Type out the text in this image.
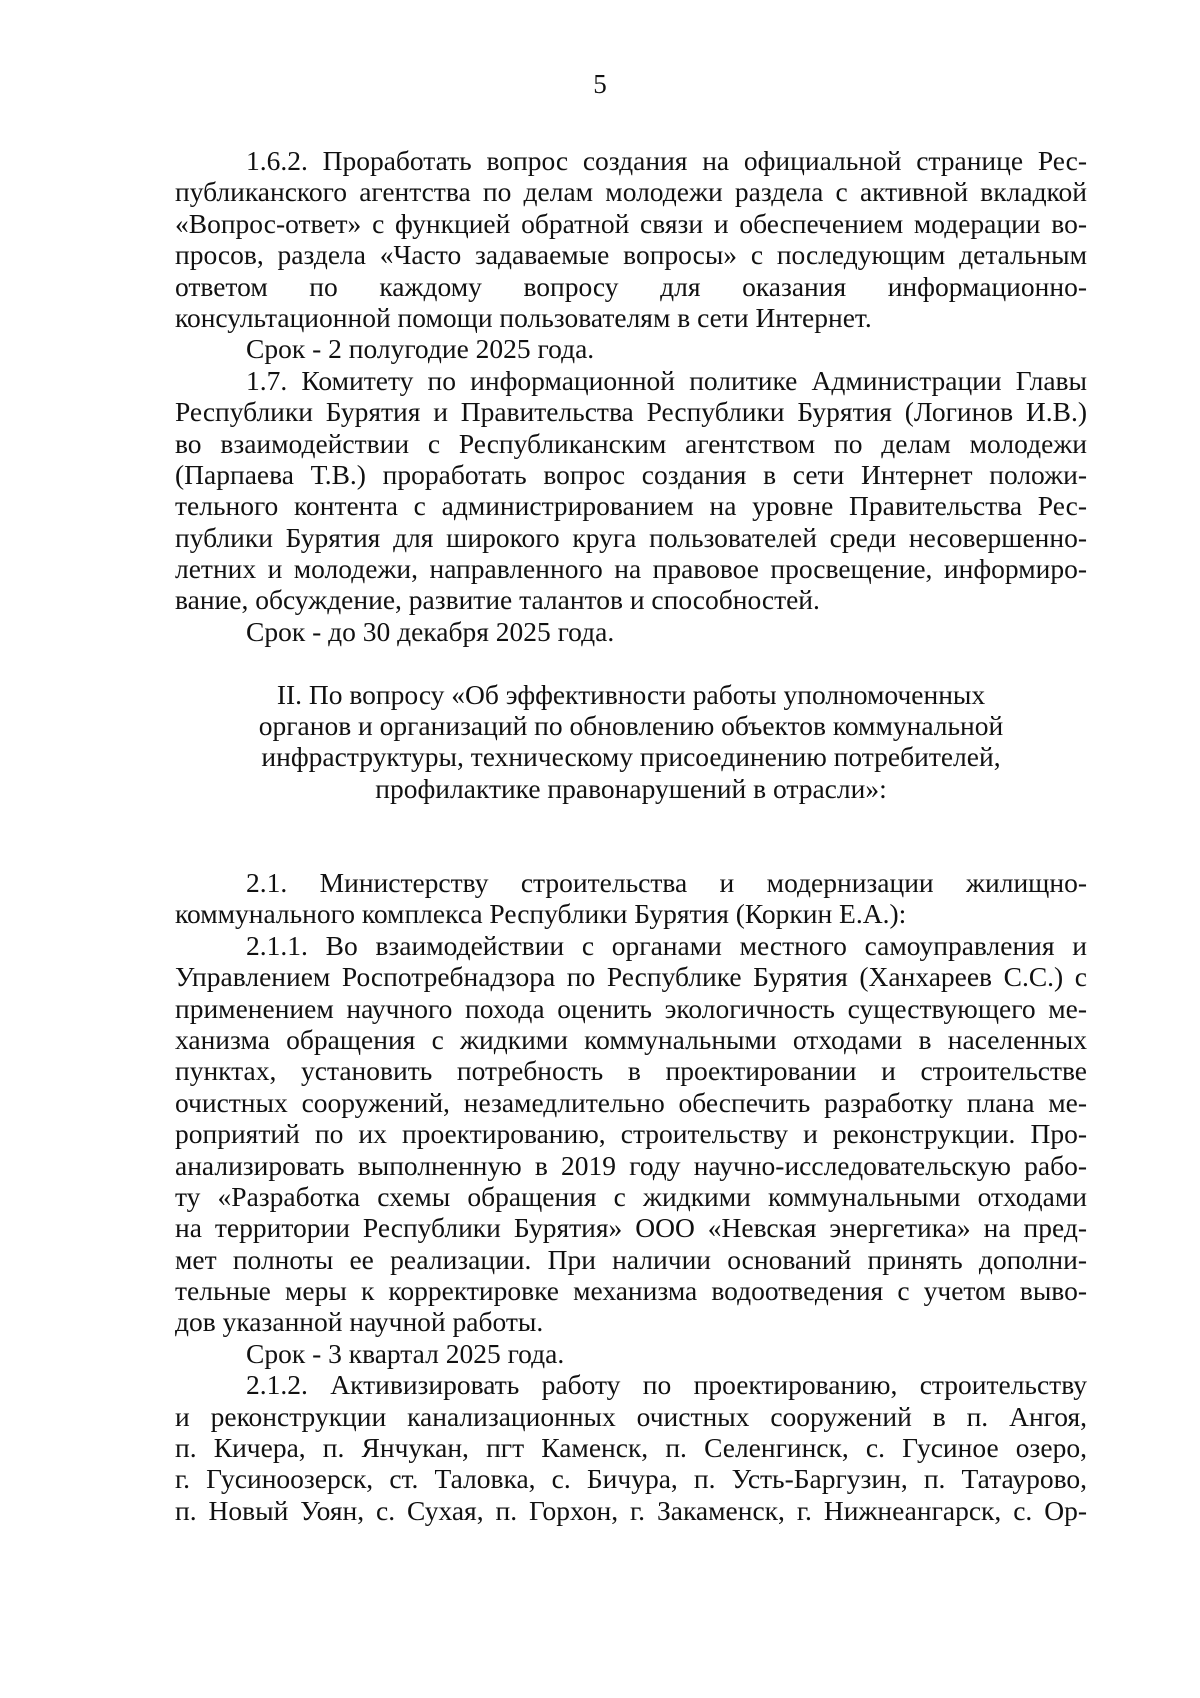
5
1.6.2. Проработать вопрос создания на официальной странице Рес-
публиканского агентства по делам молодежи раздела с активной вкладкой
«Вопрос-ответ» с функцией обратной связи и обеспечением модерации во-
просов, раздела «Часто задаваемые вопросы» с последующим детальным
ответом по каждому вопросу для оказания информационно-
консультационной помощи пользователям в сети Интернет.
Срок - 2 полугодие 2025 года.
1.7. Комитету по информационной политике Администрации Главы
Республики Бурятия и Правительства Республики Бурятия (Логинов И.В.)
во взаимодействии с Республиканским агентством по делам молодежи
(Парпаева Т.В.) проработать вопрос создания в сети Интернет положи-
тельного контента с администрированием на уровне Правительства Рес-
публики Бурятия для широкого круга пользователей среди несовершенно-
летних и молодежи, направленного на правовое просвещение, информиро-
вание, обсуждение, развитие талантов и способностей.
Срок - до 30 декабря 2025 года.
II. По вопросу «Об эффективности работы уполномоченных
органов и организаций по обновлению объектов коммунальной
инфраструктуры, техническому присоединению потребителей,
профилактике правонарушений в отрасли»:
2.1. Министерству строительства и модернизации жилищно-
коммунального комплекса Республики Бурятия (Коркин Е.А.):
2.1.1. Во взаимодействии с органами местного самоуправления и
Управлением Роспотребнадзора по Республике Бурятия (Ханхареев С.С.) с
применением научного похода оценить экологичность существующего ме-
ханизма обращения с жидкими коммунальными отходами в населенных
пунктах, установить потребность в проектировании и строительстве
очистных сооружений, незамедлительно обеспечить разработку плана ме-
роприятий по их проектированию, строительству и реконструкции. Про-
анализировать выполненную в 2019 году научно-исследовательскую рабо-
ту «Разработка схемы обращения с жидкими коммунальными отходами
на территории Республики Бурятия» ООО «Невская энергетика» на пред-
мет полноты ее реализации. При наличии оснований принять дополни-
тельные меры к корректировке механизма водоотведения с учетом выво-
дов указанной научной работы.
Срок - 3 квартал 2025 года.
2.1.2. Активизировать работу по проектированию, строительству
и реконструкции канализационных очистных сооружений в п. Ангоя,
п. Кичера, п. Янчукан, пгт Каменск, п. Селенгинск, с. Гусиное озеро,
г. Гусиноозерск, ст. Таловка, с. Бичура, п. Усть-Баргузин, п. Татаурово,
п. Новый Уоян, с. Сухая, п. Горхон, г. Закаменск, г. Нижнеангарск, с. Ор-
